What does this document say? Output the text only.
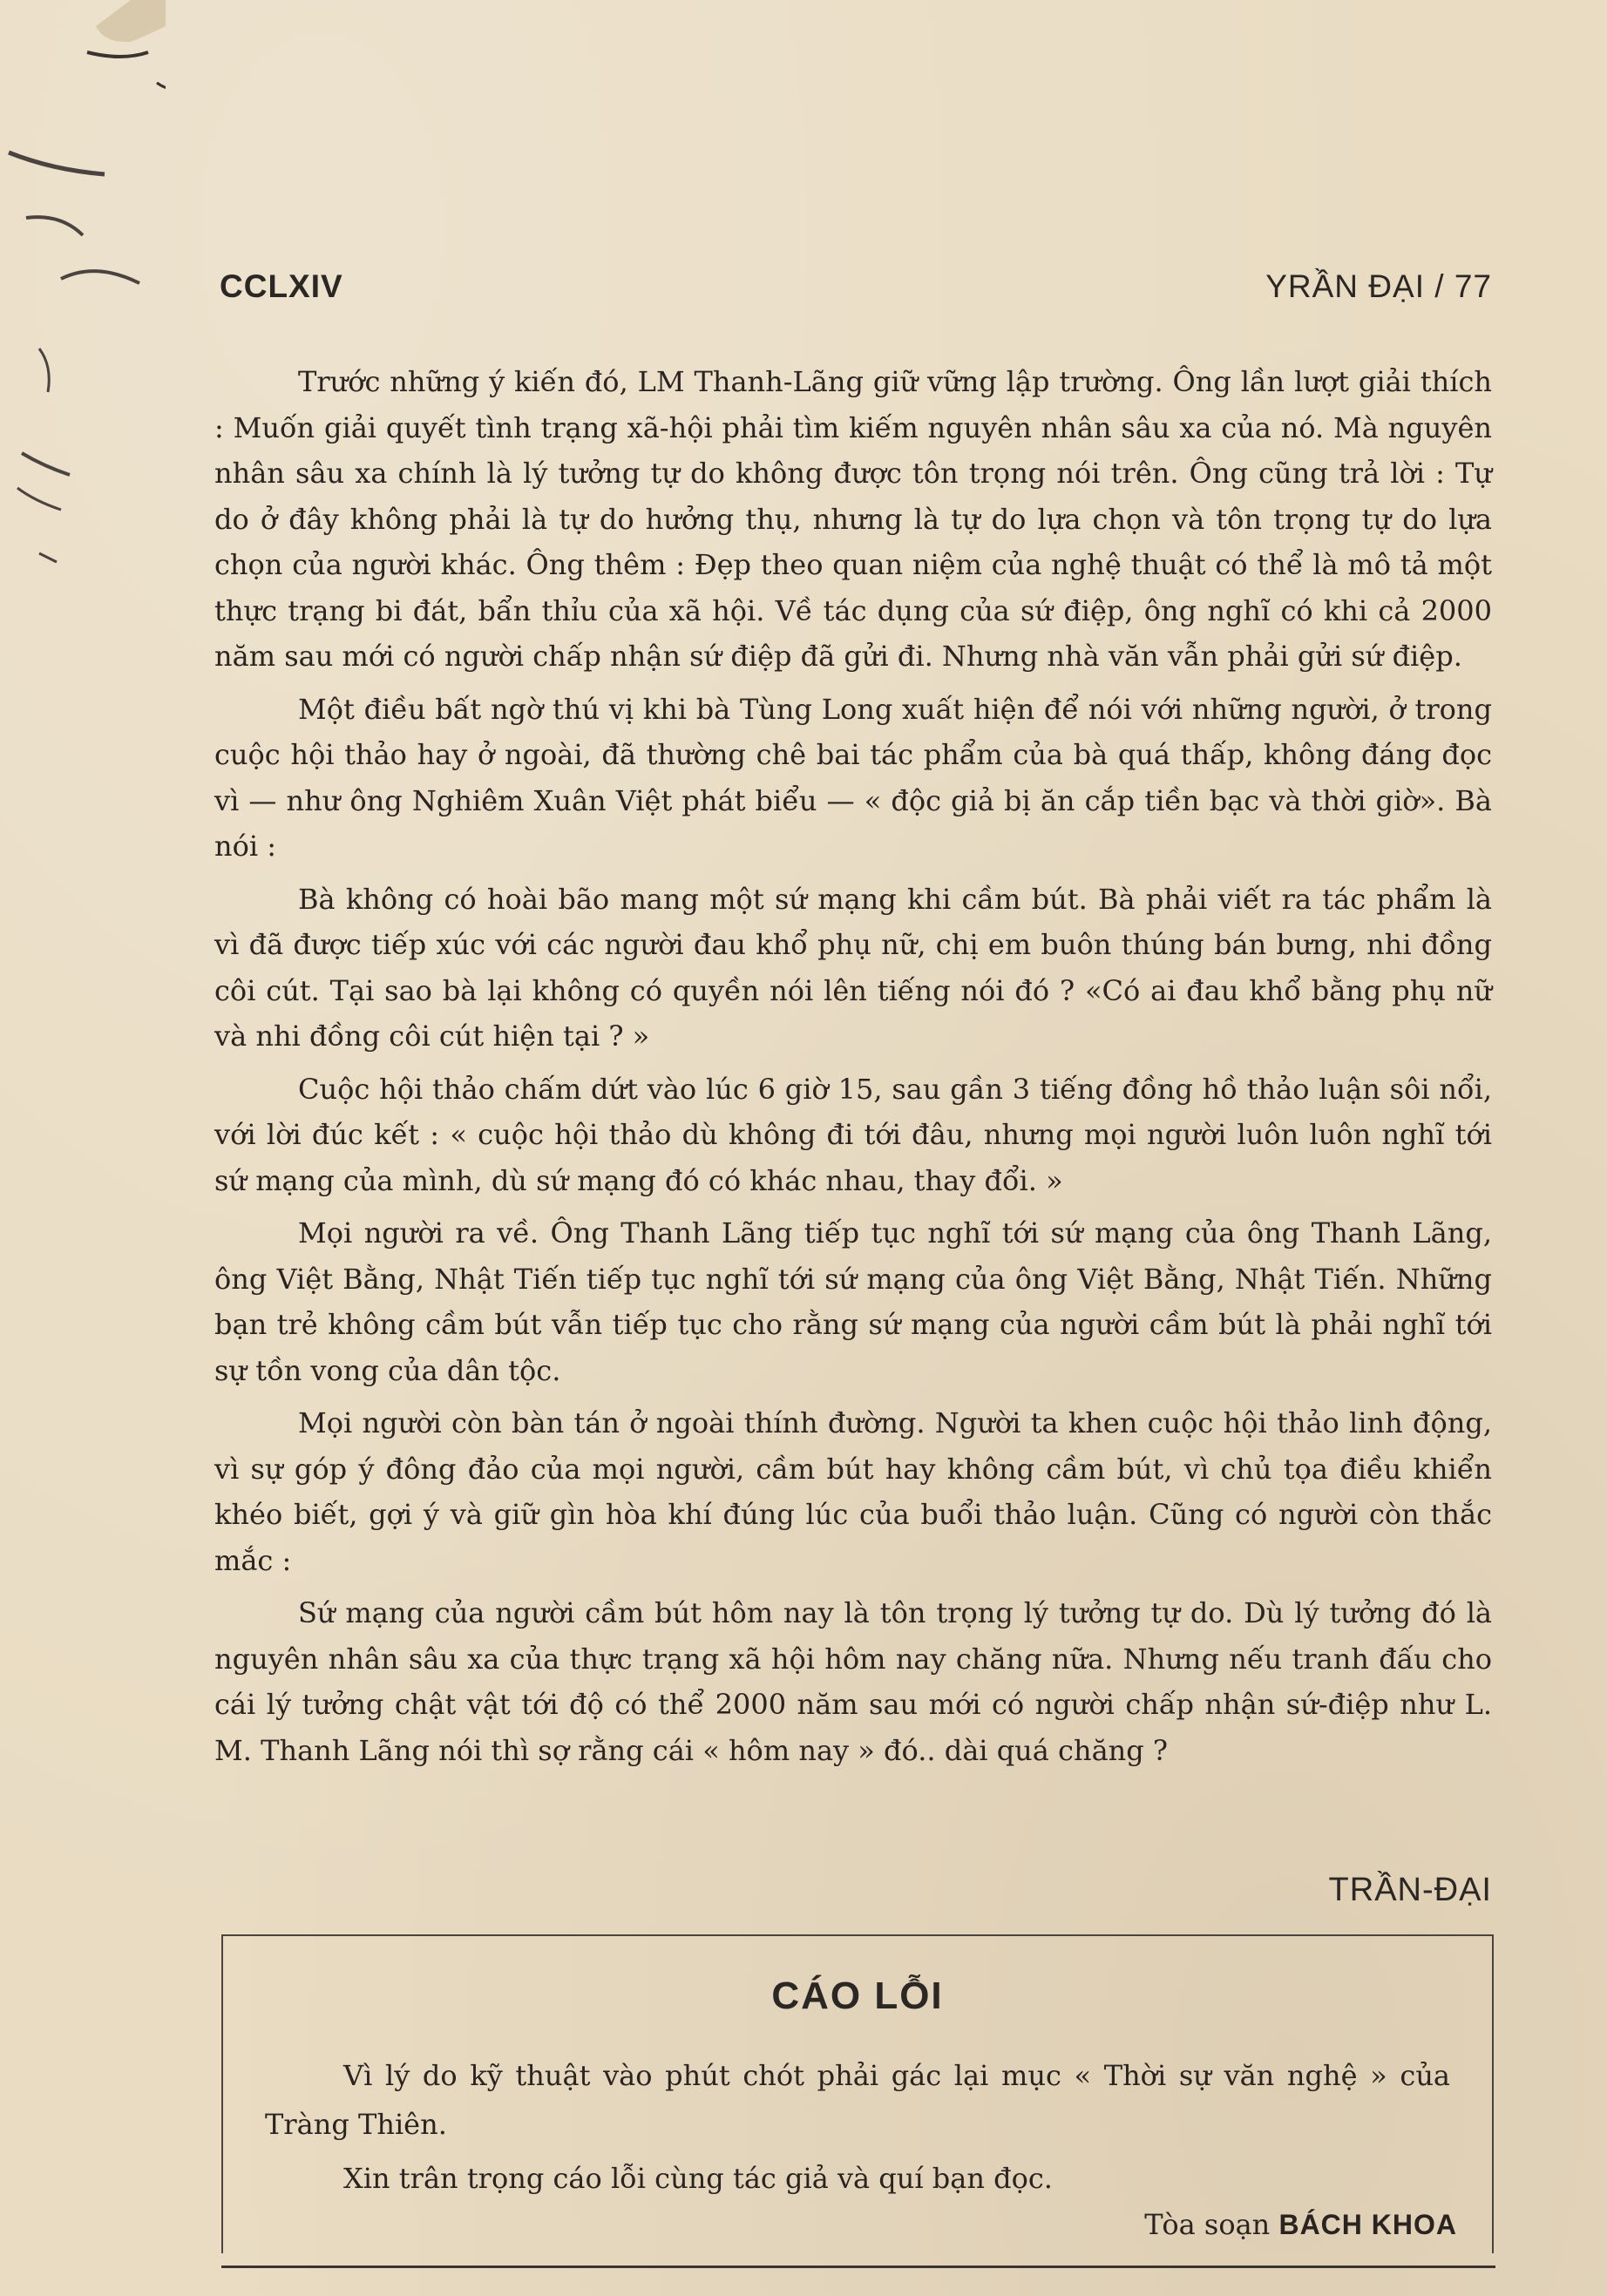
CCLXIV	YRẦN ĐẠI / 77

Trước những ý kiến đó, LM Thanh-Lãng giữ vững lập trường. Ông lần lượt giải thích : Muốn giải quyết tình trạng xã-hội phải tìm kiếm nguyên nhân sâu xa của nó. Mà nguyên nhân sâu xa chính là lý tưởng tự do không được tôn trọng nói trên. Ông cũng trả lời : Tự do ở đây không phải là tự do hưởng thụ, nhưng là tự do lựa chọn và tôn trọng tự do lựa chọn của người khác. Ông thêm : Đẹp theo quan niệm của nghệ thuật có thể là mô tả một thực trạng bi đát, bẩn thỉu của xã hội. Về tác dụng của sứ điệp, ông nghĩ có khi cả 2000 năm sau mới có người chấp nhận sứ điệp đã gửi đi. Nhưng nhà văn vẫn phải gửi sứ điệp.

Một điều bất ngờ thú vị khi bà Tùng Long xuất hiện để nói với những người, ở trong cuộc hội thảo hay ở ngoài, đã thường chê bai tác phẩm của bà quá thấp, không đáng đọc vì — như ông Nghiêm Xuân Việt phát biểu — « độc giả bị ăn cắp tiền bạc và thời giờ». Bà nói :

Bà không có hoài bão mang một sứ mạng khi cầm bút. Bà phải viết ra tác phẩm là vì đã được tiếp xúc với các người đau khổ phụ nữ, chị em buôn thúng bán bưng, nhi đồng côi cút. Tại sao bà lại không có quyền nói lên tiếng nói đó ? «Có ai đau khổ bằng phụ nữ và nhi đồng côi cút hiện tại ? »

Cuộc hội thảo chấm dứt vào lúc 6 giờ 15, sau gần 3 tiếng đồng hồ thảo luận sôi nổi, với lời đúc kết : « cuộc hội thảo dù không đi tới đâu, nhưng mọi người luôn luôn nghĩ tới sứ mạng của mình, dù sứ mạng đó có khác nhau, thay đổi. »

Mọi người ra về. Ông Thanh Lãng tiếp tục nghĩ tới sứ mạng của ông Thanh Lãng, ông Việt Bằng, Nhật Tiến tiếp tục nghĩ tới sứ mạng của ông Việt Bằng, Nhật Tiến. Những bạn trẻ không cầm bút vẫn tiếp tục cho rằng sứ mạng của người cầm bút là phải nghĩ tới sự tồn vong của dân tộc.

Mọi người còn bàn tán ở ngoài thính đường. Người ta khen cuộc hội thảo linh động, vì sự góp ý đông đảo của mọi người, cầm bút hay không cầm bút, vì chủ tọa điều khiển khéo biết, gợi ý và giữ gìn hòa khí đúng lúc của buổi thảo luận. Cũng có người còn thắc mắc :

Sứ mạng của người cầm bút hôm nay là tôn trọng lý tưởng tự do. Dù lý tưởng đó là nguyên nhân sâu xa của thực trạng xã hội hôm nay chăng nữa. Nhưng nếu tranh đấu cho cái lý tưởng chật vật tới độ có thể 2000 năm sau mới có người chấp nhận sứ-điệp như L. M. Thanh Lãng nói thì sợ rằng cái « hôm nay » đó.. dài quá chăng ?

TRẦN-ĐẠI
CÁO LỖI

Vì lý do kỹ thuật vào phút chót phải gác lại mục « Thời sự văn nghệ » của Tràng Thiên.

Xin trân trọng cáo lỗi cùng tác giả và quí bạn đọc.

Tòa soạn BÁCH KHOA
